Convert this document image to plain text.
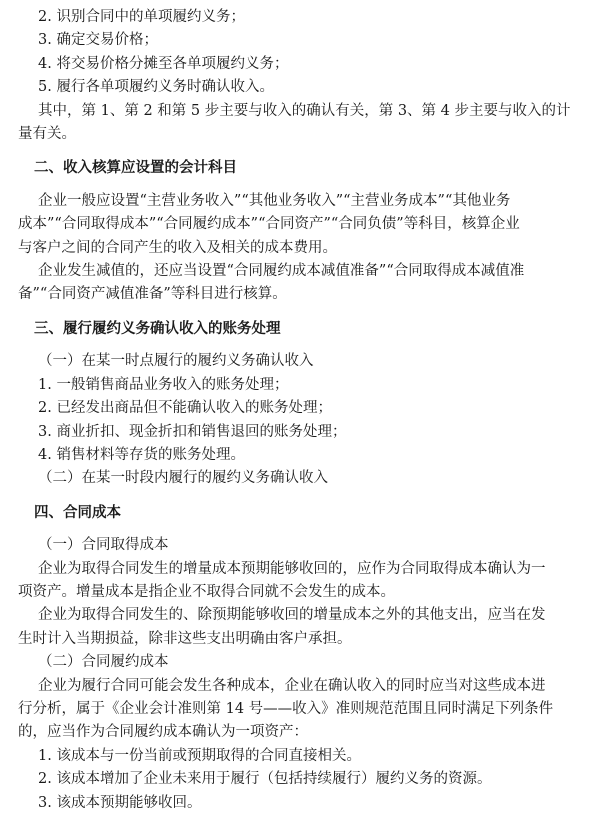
2. 识别合同中的单项履约义务；
3. 确定交易价格；
4. 将交易价格分摊至各单项履约义务；
5. 履行各单项履约义务时确认收入。
其中，第 1、第 2 和第 5 步主要与收入的确认有关，第 3、第 4 步主要与收入的计
量有关。
二、收入核算应设置的会计科目
企业一般应设置“主营业务收入”“其他业务收入”“主营业务成本”“其他业务
成本”“合同取得成本”“合同履约成本”“合同资产”“合同负债”等科目，核算企业
与客户之间的合同产生的收入及相关的成本费用。
企业发生减值的，还应当设置“合同履约成本减值准备”“合同取得成本减值准
备”“合同资产减值准备”等科目进行核算。
三、履行履约义务确认收入的账务处理
（一）在某一时点履行的履约义务确认收入
1. 一般销售商品业务收入的账务处理；
2. 已经发出商品但不能确认收入的账务处理；
3. 商业折扣、现金折扣和销售退回的账务处理；
4. 销售材料等存货的账务处理。
（二）在某一时段内履行的履约义务确认收入
四、合同成本
（一）合同取得成本
企业为取得合同发生的增量成本预期能够收回的，应作为合同取得成本确认为一
项资产。增量成本是指企业不取得合同就不会发生的成本。
企业为取得合同发生的、除预期能够收回的增量成本之外的其他支出，应当在发
生时计入当期损益，除非这些支出明确由客户承担。
（二）合同履约成本
企业为履行合同可能会发生各种成本，企业在确认收入的同时应当对这些成本进
行分析，属于《企业会计准则第 14 号——收入》准则规范范围且同时满足下列条件
的，应当作为合同履约成本确认为一项资产：
1. 该成本与一份当前或预期取得的合同直接相关。
2. 该成本增加了企业未来用于履行（包括持续履行）履约义务的资源。
3. 该成本预期能够收回。
